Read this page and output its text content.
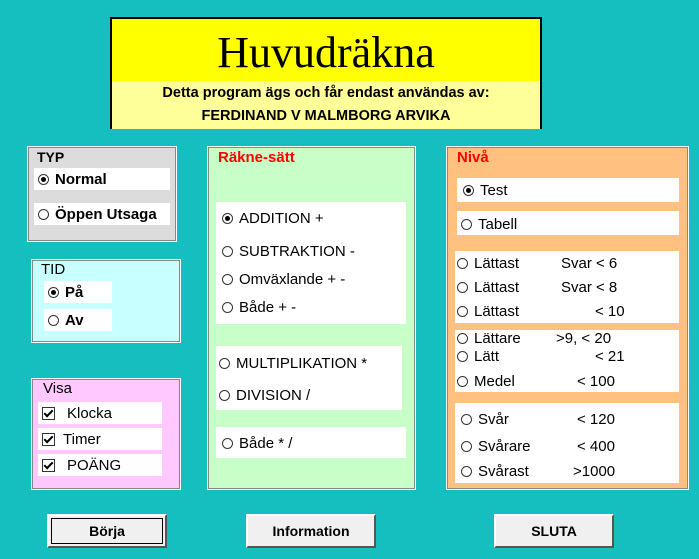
Huvudräkna
Detta program ägs och får endast användas av:
FERDINAND V MALMBORG ARVIKA
TYP
Normal
Öppen Utsaga
TID
På
Av
Visa
Klocka
Timer
POÄNG
Räkne-sätt
ADDITION +
SUBTRAKTION -
Omväxlande + -
Både + -
MULTIPLIKATION *
DIVISION /
Både * /
Nivå
Test
Tabell
Lättast	Svar < 6
Lättast	Svar < 8
Lättast	< 10
Lättare >9, < 20
Lätt	< 21
Medel	< 100
Svår	< 120
Svårare	< 400
Svårast	>1000
Börja	Information	SLUTA
